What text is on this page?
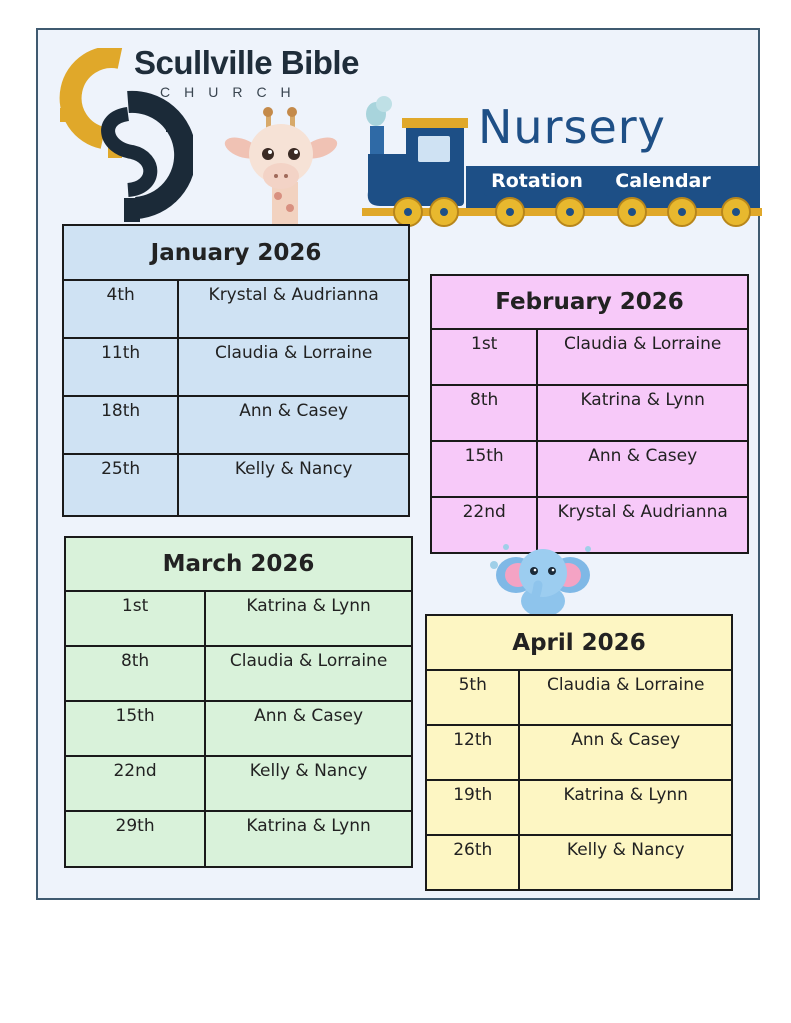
Scullville Bible
CHURCH
Nursery
Rotation	Calendar
January 2026	
4th	Krystal & Audrianna
11th	Claudia & Lorraine
18th	Ann & Casey
25th	Kelly & Nancy
February 2026	
1st	Claudia & Lorraine
8th	Katrina & Lynn
15th	Ann & Casey
22nd	Krystal & Audrianna
March 2026	
1st	Katrina & Lynn
8th	Claudia & Lorraine
15th	Ann & Casey
22nd	Kelly & Nancy
29th	Katrina & Lynn
April 2026	
5th	Claudia & Lorraine
12th	Ann & Casey
19th	Katrina & Lynn
26th	Kelly & Nancy
